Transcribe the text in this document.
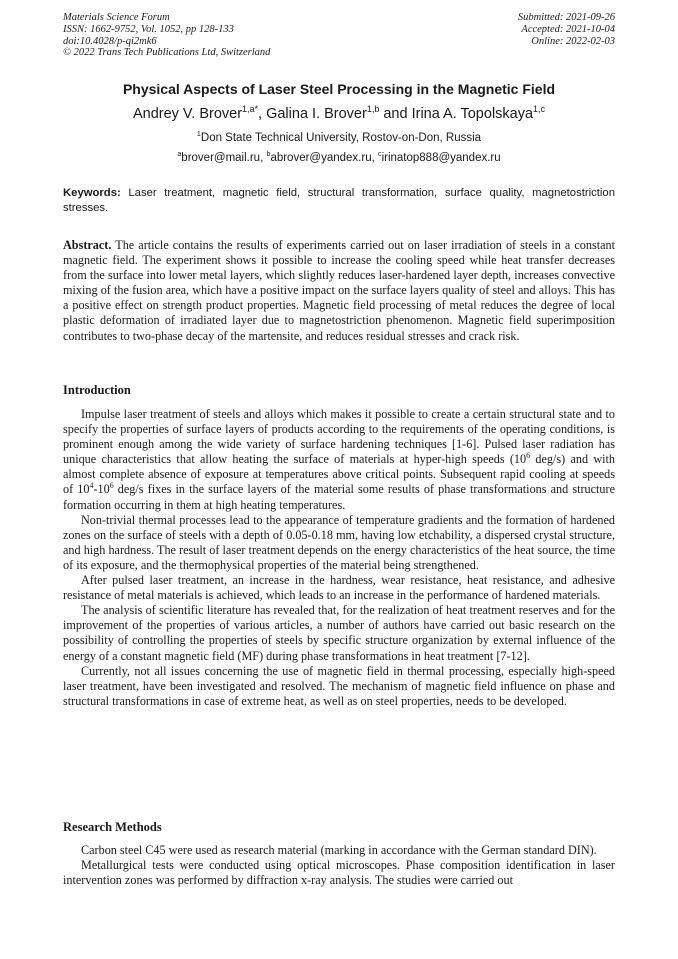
Materials Science Forum
ISSN: 1662-9752, Vol. 1052, pp 128-133
doi:10.4028/p-qi2mk6
© 2022 Trans Tech Publications Ltd, Switzerland
Submitted: 2021-09-26
Accepted: 2021-10-04
Online: 2022-02-03
Physical Aspects of Laser Steel Processing in the Magnetic Field
Andrey V. Brover$^{1,a*}$, Galina I. Brover$^{1,b}$ and Irina A. Topolskaya$^{1,c}$
$^1$Don State Technical University, Rostov-on-Don, Russia
$^a$brover@mail.ru, $^b$abrover@yandex.ru, $^c$irinatop888@yandex.ru
Keywords: Laser treatment, magnetic field, structural transformation, surface quality, magnetostriction stresses.
Abstract. The article contains the results of experiments carried out on laser irradiation of steels in a constant magnetic field. The experiment shows it possible to increase the cooling speed while heat transfer decreases from the surface into lower metal layers, which slightly reduces laser-hardened layer depth, increases convective mixing of the fusion area, which have a positive impact on the surface layers quality of steel and alloys. This has a positive effect on strength product properties. Magnetic field processing of metal reduces the degree of local plastic deformation of irradiated layer due to magnetostriction phenomenon. Magnetic field superimposition contributes to two-phase decay of the martensite, and reduces residual stresses and crack risk.
Introduction

Impulse laser treatment of steels and alloys which makes it possible to create a certain structural state and to specify the properties of surface layers of products according to the requirements of the operating conditions, is prominent enough among the wide variety of surface hardening techniques [1-6]. Pulsed laser radiation has unique characteristics that allow heating the surface of materials at hyper-high speeds ($10^6$ deg/s) and with almost complete absence of exposure at temperatures above critical points. Subsequent rapid cooling at speeds of $10^4-10^6$ deg/s fixes in the surface layers of the material some results of phase transformations and structure formation occurring in them at high heating temperatures.

Non-trivial thermal processes lead to the appearance of temperature gradients and the formation of hardened zones on the surface of steels with a depth of 0.05-0.18 mm, having low etchability, a dispersed crystal structure, and high hardness. The result of laser treatment depends on the energy characteristics of the heat source, the time of its exposure, and the thermophysical properties of the material being strengthened.

After pulsed laser treatment, an increase in the hardness, wear resistance, heat resistance, and adhesive resistance of metal materials is achieved, which leads to an increase in the performance of hardened materials.

The analysis of scientific literature has revealed that, for the realization of heat treatment reserves and for the improvement of the properties of various articles, a number of authors have carried out basic research on the possibility of controlling the properties of steels by specific structure organization by external influence of the energy of a constant magnetic field (MF) during phase transformations in heat treatment [7-12].

Currently, not all issues concerning the use of magnetic field in thermal processing, especially high-speed laser treatment, have been investigated and resolved. The mechanism of magnetic field influence on phase and structural transformations in case of extreme heat, as well as on steel properties, needs to be developed.

Research Methods

Carbon steel C45 were used as research material (marking in accordance with the German standard DIN).

Metallurgical tests were conducted using optical microscopes. Phase composition identification in laser intervention zones was performed by diffraction x-ray analysis. The studies were carried out
